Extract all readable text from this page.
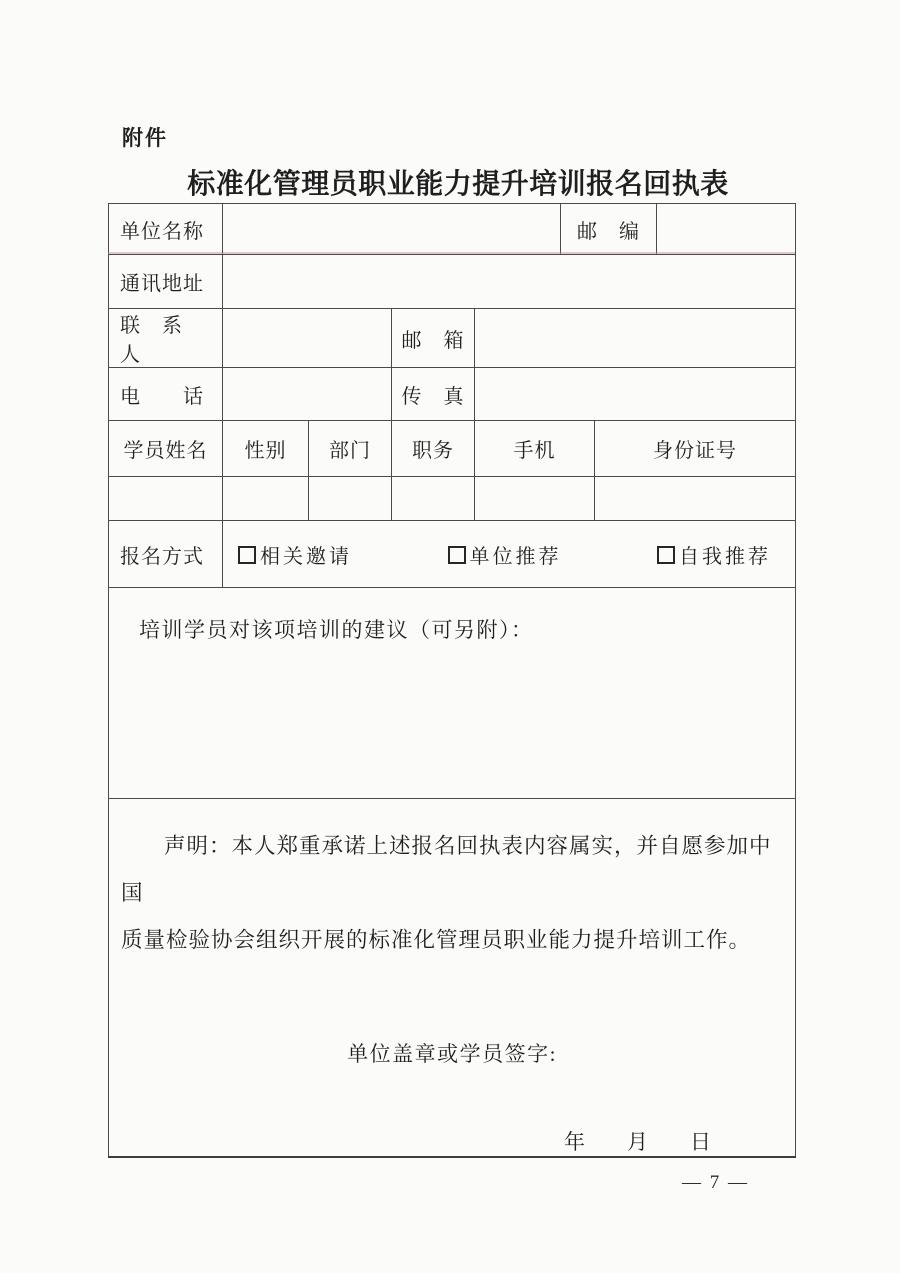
附件
标准化管理员职业能力提升培训报名回执表
单位名称					邮　编		
通讯地址							
联　系　人			邮　箱				
电　　话			传　真				
学员姓名	性别	部门	职务	手机		身份证号	

报名方式	相关邀请 单位推荐 自我推荐						

培训学员对该项培训的建议（可另附）：							

声明：本人郑重承诺上述报名回执表内容属实，并自愿参加中国
质量检验协会组织开展的标准化管理员职业能力提升培训工作。
单位盖章或学员签字:
年　　月　　日							
— 7 —
